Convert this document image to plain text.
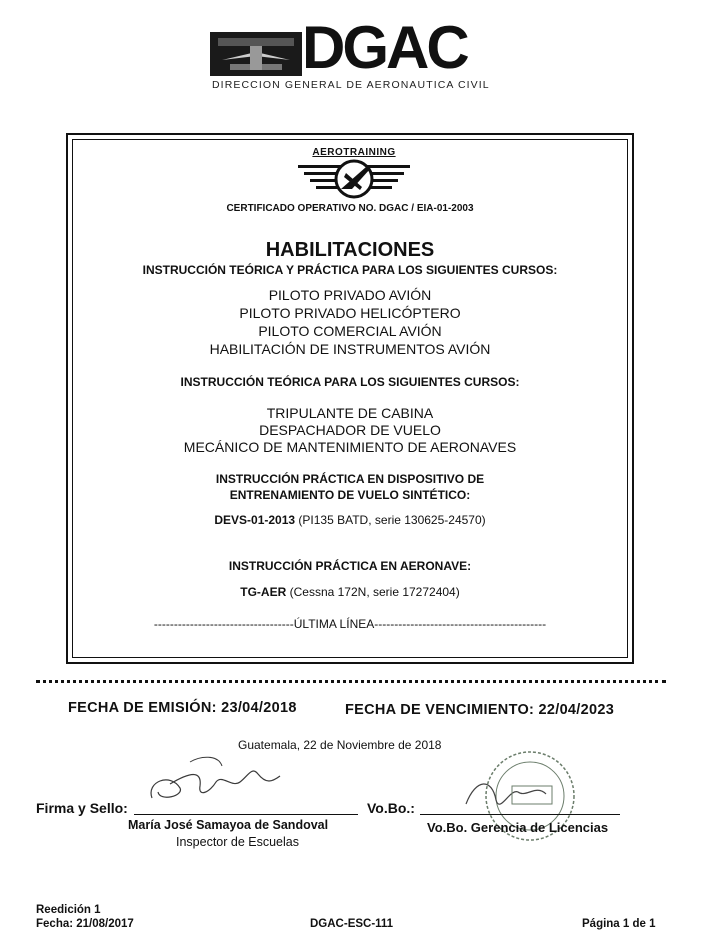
DGAC
DIRECCION GENERAL DE AERONAUTICA CIVIL
AEROTRAINING
CERTIFICADO OPERATIVO NO. DGAC / EIA-01-2003
HABILITACIONES
INSTRUCCIÓN TEÓRICA Y PRÁCTICA PARA LOS SIGUIENTES CURSOS:
PILOTO PRIVADO AVIÓN
PILOTO PRIVADO HELICÓPTERO
PILOTO COMERCIAL AVIÓN
HABILITACIÓN DE INSTRUMENTOS AVIÓN
INSTRUCCIÓN TEÓRICA PARA LOS SIGUIENTES CURSOS:
TRIPULANTE DE CABINA
DESPACHADOR DE VUELO
MECÁNICO DE MANTENIMIENTO DE AERONAVES
INSTRUCCIÓN PRÁCTICA EN DISPOSITIVO DE
ENTRENAMIENTO DE VUELO SINTÉTICO:
DEVS-01-2013 (PI135 BATD, serie 130625-24570)
INSTRUCCIÓN PRÁCTICA EN AERONAVE:
TG-AER (Cessna 172N, serie 17272404)
-----------------------------------ÚLTIMA LÍNEA-------------------------------------------
FECHA DE EMISIÓN: 23/04/2018	FECHA DE VENCIMIENTO: 22/04/2023
Guatemala, 22 de Noviembre de 2018
Firma y Sello:
María José Samayoa de Sandoval
Inspector de Escuelas
Vo.Bo.:
Vo.Bo. Gerencia de Licencias
Reedición 1
Fecha: 21/08/2017	DGAC-ESC-111	Página 1 de 1
